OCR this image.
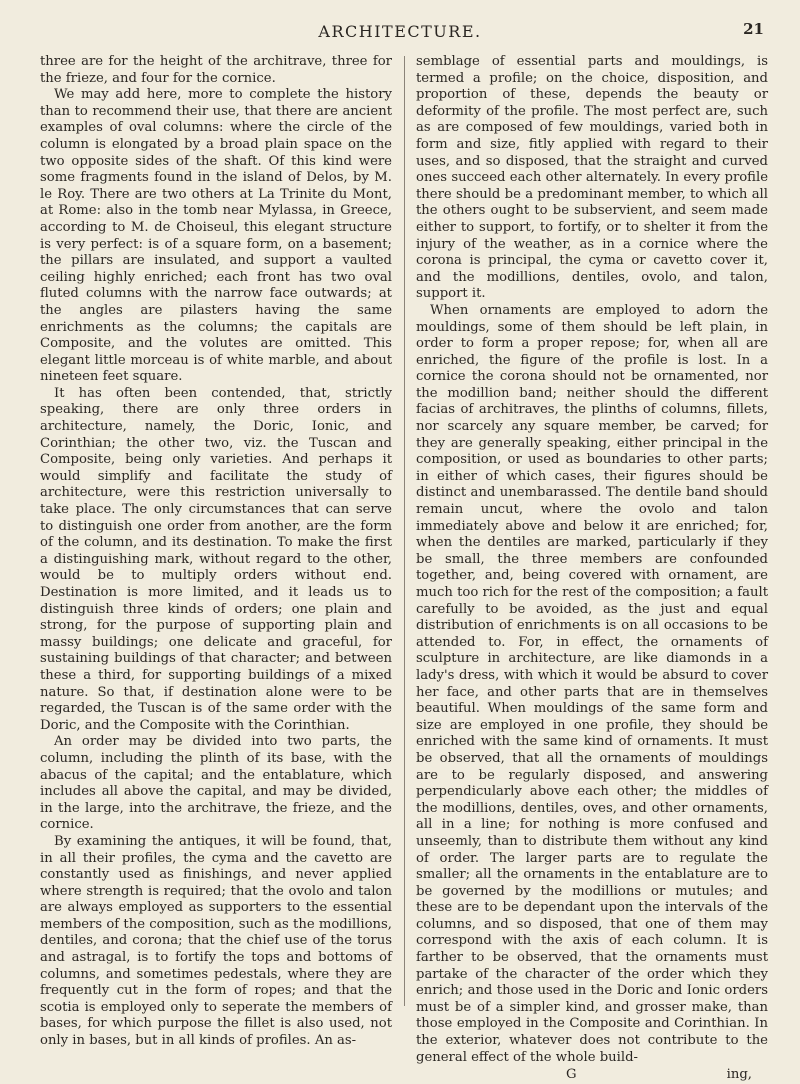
ARCHITECTURE.	21

three are for the height of the architrave, three for the frieze, and four for the cornice.

We may add here, more to complete the history than to recommend their use, that there are ancient examples of oval columns: where the circle of the column is elongated by a broad plain space on the two opposite sides of the shaft. Of this kind were some fragments found in the island of Delos, by M. le Roy. There are two others at La Trinite du Mont, at Rome: also in the tomb near Mylassa, in Greece, according to M. de Choiseul, this elegant structure is very perfect: is of a square form, on a basement; the pillars are insulated, and support a vaulted ceiling highly enriched; each front has two oval fluted columns with the narrow face outwards; at the angles are pilasters having the same enrichments as the columns; the capitals are Composite, and the volutes are omitted. This elegant little morceau is of white marble, and about nineteen feet square.

It has often been contended, that, strictly speaking, there are only three orders in architecture, namely, the Doric, Ionic, and Corinthian; the other two, viz. the Tuscan and Composite, being only varieties. And perhaps it would simplify and facilitate the study of architecture, were this restriction universally to take place. The only circumstances that can serve to distinguish one order from another, are the form of the column, and its destination. To make the first a distinguishing mark, without regard to the other, would be to multiply orders without end. Destination is more limited, and it leads us to distinguish three kinds of orders; one plain and strong, for the purpose of supporting plain and massy buildings; one delicate and graceful, for sustaining buildings of that character; and between these a third, for supporting buildings of a mixed nature. So that, if destination alone were to be regarded, the Tuscan is of the same order with the Doric, and the Composite with the Corinthian.

An order may be divided into two parts, the column, including the plinth of its base, with the abacus of the capital; and the entablature, which includes all above the capital, and may be divided, in the large, into the architrave, the frieze, and the cornice.

By examining the antiques, it will be found, that, in all their profiles, the cyma and the cavetto are constantly used as finishings, and never applied where strength is required; that the ovolo and talon are always employed as supporters to the essential members of the composition, such as the modillions, dentiles, and corona; that the chief use of the torus and astragal, is to fortify the tops and bottoms of columns, and sometimes pedestals, where they are frequently cut in the form of ropes; and that the scotia is employed only to seperate the members of bases, for which purpose the fillet is also used, not only in bases, but in all kinds of profiles. An as-

semblage of essential parts and mouldings, is termed a profile; on the choice, disposition, and proportion of these, depends the beauty or deformity of the profile. The most perfect are, such as are composed of few mouldings, varied both in form and size, fitly applied with regard to their uses, and so disposed, that the straight and curved ones succeed each other alternately. In every profile there should be a predominant member, to which all the others ought to be subservient, and seem made either to support, to fortify, or to shelter it from the injury of the weather, as in a cornice where the corona is principal, the cyma or cavetto cover it, and the modillions, dentiles, ovolo, and talon, support it.

When ornaments are employed to adorn the mouldings, some of them should be left plain, in order to form a proper repose; for, when all are enriched, the figure of the profile is lost. In a cornice the corona should not be ornamented, nor the modillion band; neither should the different facias of architraves, the plinths of columns, fillets, nor scarcely any square member, be carved; for they are generally speaking, either principal in the composition, or used as boundaries to other parts; in either of which cases, their figures should be distinct and unembarassed. The dentile band should remain uncut, where the ovolo and talon immediately above and below it are enriched; for, when the dentiles are marked, particularly if they be small, the three members are confounded together, and, being covered with ornament, are much too rich for the rest of the composition; a fault carefully to be avoided, as the just and equal distribution of enrichments is on all occasions to be attended to. For, in effect, the ornaments of sculpture in architecture, are like diamonds in a lady's dress, with which it would be absurd to cover her face, and other parts that are in themselves beautiful. When mouldings of the same form and size are employed in one profile, they should be enriched with the same kind of ornaments. It must be observed, that all the ornaments of mouldings are to be regularly disposed, and answering perpendicularly above each other; the middles of the modillions, dentiles, oves, and other ornaments, all in a line; for nothing is more confused and unseemly, than to distribute them without any kind of order. The larger parts are to regulate the smaller; all the ornaments in the entablature are to be governed by the modillions or mutules; and these are to be dependant upon the intervals of the columns, and so disposed, that one of them may correspond with the axis of each column. It is farther to be observed, that the ornaments must partake of the character of the order which they enrich; and those used in the Doric and Ionic orders must be of a simpler kind, and grosser make, than those employed in the Composite and Corinthian. In the exterior, whatever does not contribute to the general effect of the whole build-

G	ing,
